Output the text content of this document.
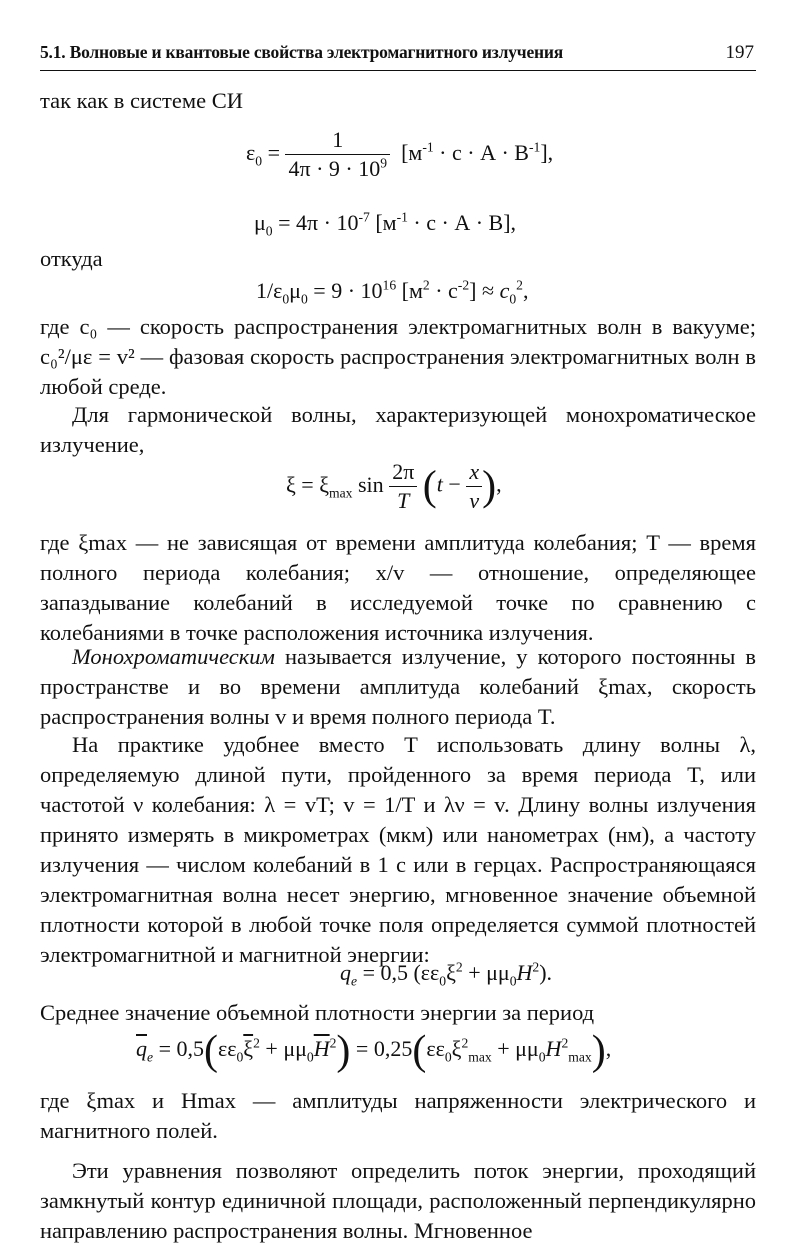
5.1. Волновые и квантовые свойства электромагнитного излучения	197

так как в системе СИ

$\varepsilon_0 = \frac{1}{4\pi \cdot 9 \cdot 10^9} [м^{-1} \cdot с \cdot А \cdot В^{-1}]$,
$\mu_0 = 4\pi \cdot 10^{-7}$ $[м^{-1} \cdot с \cdot А \cdot В]$,

откуда

$1/\varepsilon_0\mu_0 = 9 \cdot 10^{16}$ $[м^2 \cdot с^{-2}] \approx c_0^2$,

где c₀ — скорость распространения электромагнитных волн в вакууме; c₀²/με = v² — фазовая скорость распространения электромагнитных волн в любой среде.

Для гармонической волны, характеризующей монохроматическое излучение,

$\xi = \xi_{max}$ $\sin \frac{2\pi}{T} (t - \frac{x}{v}$ ),

где ξmax — не зависящая от времени амплитуда колебания; T — время полного периода колебания; x/v — отношение, определяющее запаздывание колебаний в исследуемой точке по сравнению с колебаниями в точке расположения источника излучения.

Монохроматическим называется излучение, у которого постоянны в пространстве и во времени амплитуда колебаний ξmax, скорость распространения волны v и время полного периода T.

На практике удобнее вместо T использовать длину волны λ, определяемую длиной пути, пройденного за время периода T, или частотой ν колебания: λ = vT; v = 1/T и λν = v. Длину волны излучения принято измерять в микрометрах (мкм) или нанометрах (нм), а частоту излучения — числом колебаний в 1 с или в герцах. Распространяющаяся электромагнитная волна несет энергию, мгновенное значение объемной плотности которой в любой точке поля определяется суммой плотностей электромагнитной и магнитной энергии:

$q_e = 0,5$ $(\varepsilon\varepsilon_0\xi^2 + \mu\mu_0H^2)$.

Среднее значение объемной плотности энергии за период

$\overline{q}_e = 0,5(\varepsilon\varepsilon_0\overline{\xi}^2 + \mu\mu_0\overline{H}^2) = 0,25(\varepsilon\varepsilon_0\xi^2_{max} + \mu\mu_0H^2_{max})$,

где ξmax и Hmax — амплитуды напряженности электрического и магнитного полей.

Эти уравнения позволяют определить поток энергии, проходящий замкнутый контур единичной площади, расположенный перпендикулярно направлению распространения волны. Мгновенное
